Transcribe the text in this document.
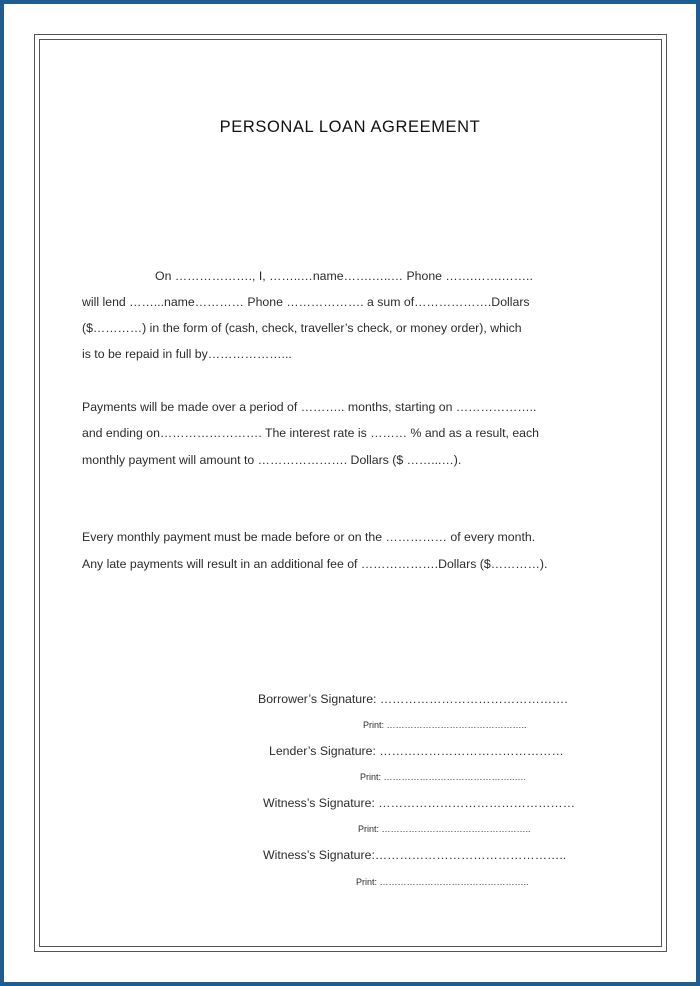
PERSONAL LOAN AGREEMENT
On ………………., I, ……..…name…….…..… Phone …….…….……..
will lend ……...name………… Phone ………………. a sum of……………….Dollars
($…………) in the form of (cash, check, traveller’s check, or money order), which
is to be repaid in full by………………...
Payments will be made over a period of ……….. months, starting on ………………..
and ending on……………………. The interest rate is ……… % and as a result, each
monthly payment will amount to …………………. Dollars ($ ……...…).
Every monthly payment must be made before or on the …………… of every month.
Any late payments will result in an additional fee of ……………….Dollars ($…………).
Borrower’s Signature: ……………………………………….
Print: ………………………………………..
Lender’s Signature: ………………………………………
Print: ……………………………………..….
Witness’s Signature: …………………………………………
Print: …………………………………………..
Witness’s Signature:………………………………………..
Print: …………………………………………..
